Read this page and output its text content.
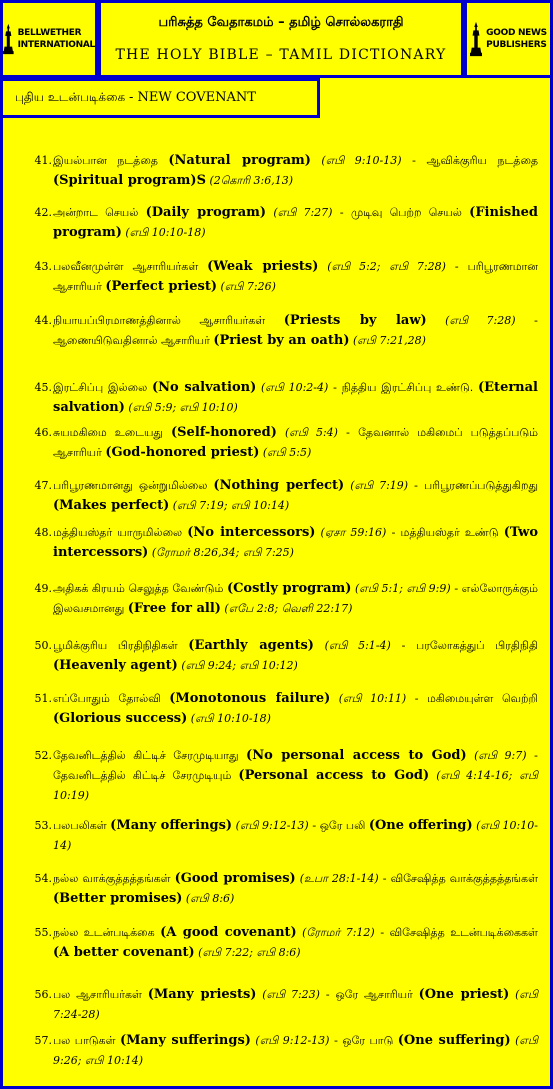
BELLWETHER
INTERNATIONAL
பரிசுத்த வேதாகமம் – தமிழ் சொல்லகராதி
THE HOLY BIBLE – TAMIL DICTIONARY
GOOD NEWS
PUBLISHERS
புதிய உடன்படிக்கை - NEW COVENANT
41. இயல்பான நடத்தை (Natural program) (எபி 9:10-13) - ஆவிக்குரிய நடத்தை (Spiritual program)S (2கொரி 3:6,13)
42. அன்றாட செயல் (Daily program) (எபி 7:27) - முடிவு பெற்ற செயல் (Finished program) (எபி 10:10-18)
43. பலவீனமுள்ள ஆசாரியர்கள் (Weak priests) (எபி 5:2; எபி 7:28) - பரிபூரணமான ஆசாரியர் (Perfect priest) (எபி 7:26)
44. நியாயப்பிரமாணத்தினால் ஆசாரியர்கள் (Priests by law) (எபி 7:28) - ஆணையிடுவதினால் ஆசாரியர் (Priest by an oath) (எபி 7:21,28)
45. இரட்சிப்பு இல்லை (No salvation) (எபி 10:2-4) - நித்திய இரட்சிப்பு உண்டு. (Eternal salvation) (எபி 5:9; எபி 10:10)
46. சுயமகிமை உடையது (Self-honored) (எபி 5:4) - தேவனால் மகிமைப் படுத்தப்படும் ஆசாரியர் (God-honored priest) (எபி 5:5)
47. பரிபூரணமானது ஒன்றுமில்லை (Nothing perfect) (எபி 7:19) - பரிபூரணப்படுத்துகிறது (Makes perfect) (எபி 7:19; எபி 10:14)
48. மத்தியஸ்தர் யாருமில்லை (No intercessors) (ஏசா 59:16) - மத்தியஸ்தர் உண்டு (Two intercessors) (ரோமர் 8:26,34; எபி 7:25)
49. அதிகக் கிரயம் செலுத்த வேண்டும் (Costly program) (எபி 5:1; எபி 9:9) - எல்லோருக்கும் இலவசமானது (Free for all) (எபே 2:8; வெளி 22:17)
50. பூமிக்குரிய பிரதிநிதிகள் (Earthly agents) (எபி 5:1-4) - பரலோகத்துப் பிரதிநிதி (Heavenly agent) (எபி 9:24; எபி 10:12)
51. எப்போதும் தோல்வி (Monotonous failure) (எபி 10:11) - மகிமையுள்ள வெற்றி (Glorious success) (எபி 10:10-18)
52. தேவனிடத்தில் கிட்டிச் சேரமுடியாது (No personal access to God) (எபி 9:7) - தேவனிடத்தில் கிட்டிச் சேரமுடியும் (Personal access to God) (எபி 4:14-16; எபி 10:19)
53. பலபலிகள் (Many offerings) (எபி 9:12-13) - ஒரே பலி (One offering) (எபி 10:10-14)
54. நல்ல வாக்குத்தத்தங்கள் (Good promises) (உபா 28:1-14) - விசேஷித்த வாக்குத்தத்தங்கள் (Better promises) (எபி 8:6)
55. நல்ல உடன்படிக்கை (A good covenant) (ரோமர் 7:12) - விசேஷித்த உடன்படிக்கைகள் (A better covenant) (எபி 7:22; எபி 8:6)
56. பல ஆசாரியர்கள் (Many priests) (எபி 7:23) - ஒரே ஆசாரியர் (One priest) (எபி 7:24-28)
57. பல பாடுகள் (Many sufferings) (எபி 9:12-13) - ஒரே பாடு (One suffering) (எபி 9:26; எபி 10:14)
